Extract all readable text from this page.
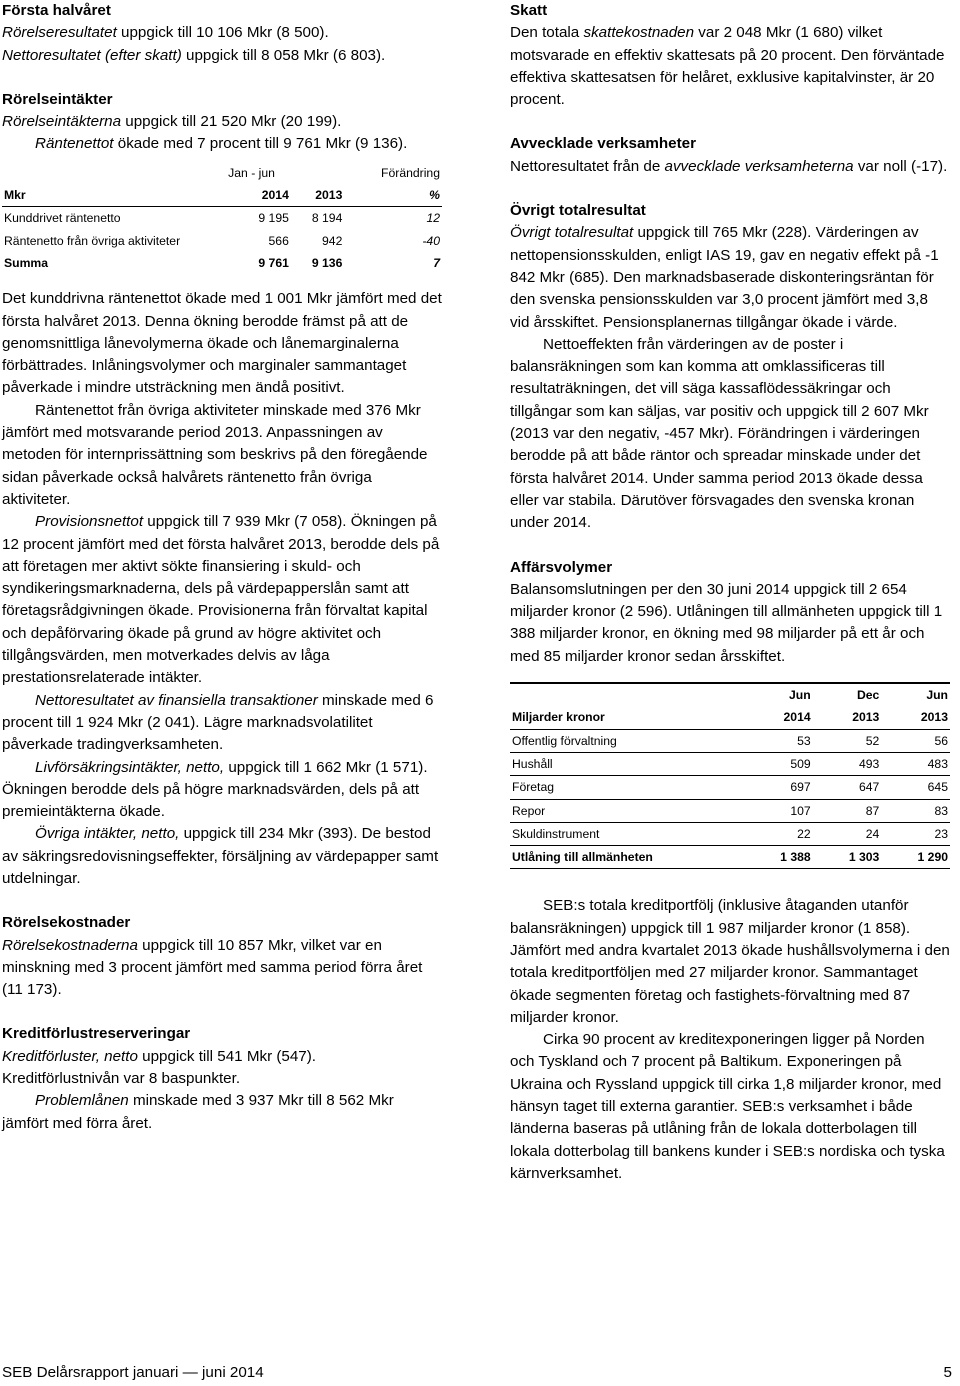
Första halvåret

Rörelseresultatet uppgick till 10 106 Mkr (8 500).

Nettoresultatet (efter skatt) uppgick till 8 058 Mkr (6 803).

Rörelseintäkter

Rörelseintäkterna uppgick till 21 520 Mkr (20 199).

Räntenettot ökade med 7 procent till 9 761 Mkr (9 136).

		Jan - jun		Förändring
Mkr		2014	2013	%
Kunddrivet räntenetto		9 195	8 194	12
Räntenetto från övriga aktiviteter		566	942	-40
Summa		9 761	9 136	7

Det kunddrivna räntenettot ökade med 1 001 Mkr jämfört med det första halvåret 2013. Denna ökning berodde främst på att de genomsnittliga lånevolymerna ökade och lånemarginalerna förbättrades. Inlåningsvolymer och marginaler sammantaget påverkade i mindre utsträckning men ändå positivt.

Räntenettot från övriga aktiviteter minskade med 376 Mkr jämfört med motsvarande period 2013. Anpassningen av metoden för internprissättning som beskrivs på den föregående sidan påverkade också halvårets räntenetto från övriga aktiviteter.

Provisionsnettot uppgick till 7 939 Mkr (7 058). Ökningen på 12 procent jämfört med det första halvåret 2013, berodde dels på att företagen mer aktivt sökte finansiering i skuld- och syndikeringsmarknaderna, dels på värdepapperslån samt att företagsrådgivningen ökade. Provisionerna från förvaltat kapital och depåförvaring ökade på grund av högre aktivitet och tillgångsvärden, men motverkades delvis av låga prestationsrelaterade intäkter.

Nettoresultatet av finansiella transaktioner minskade med 6 procent till 1 924 Mkr (2 041). Lägre marknadsvolatilitet påverkade tradingverksamheten.

Livförsäkringsintäkter, netto, uppgick till 1 662 Mkr (1 571). Ökningen berodde dels på högre marknadsvärden, dels på att premieintäkterna ökade.

Övriga intäkter, netto, uppgick till 234 Mkr (393). De bestod av säkringsredovisningseffekter, försäljning av värdepapper samt utdelningar.

Rörelsekostnader

Rörelsekostnaderna uppgick till 10 857 Mkr, vilket var en minskning med 3 procent jämfört med samma period förra året (11 173).

Kreditförlustreserveringar

Kreditförluster, netto uppgick till 541 Mkr (547).

Kreditförlustnivån var 8 baspunkter.

Problemlånen minskade med 3 937 Mkr till 8 562 Mkr jämfört med förra året.

Skatt

Den totala skattekostnaden var 2 048 Mkr (1 680) vilket motsvarade en effektiv skattesats på 20 procent. Den förväntade effektiva skattesatsen för helåret, exklusive kapitalvinster, är 20 procent.

Avvecklade verksamheter

Nettoresultatet från de avvecklade verksamheterna var noll (-17).

Övrigt totalresultat

Övrigt totalresultat uppgick till 765 Mkr (228). Värderingen av nettopensionsskulden, enligt IAS 19, gav en negativ effekt på -1 842 Mkr (685). Den marknadsbaserade diskonteringsräntan för den svenska pensionsskulden var 3,0 procent jämfört med 3,8 vid årsskiftet. Pensionsplanernas tillgångar ökade i värde.

Nettoeffekten från värderingen av de poster i balansräkningen som kan komma att omklassificeras till resultaträkningen, det vill säga kassaflödessäkringar och tillgångar som kan säljas, var positiv och uppgick till 2 607 Mkr (2013 var den negativ, -457 Mkr). Förändringen i värderingen berodde på att både räntor och spreadar minskade under det första halvåret 2014. Under samma period 2013 ökade dessa eller var stabila. Därutöver försvagades den svenska kronan under 2014.

Affärsvolymer

Balansomslutningen per den 30 juni 2014 uppgick till 2 654 miljarder kronor (2 596). Utlåningen till allmänheten uppgick till 1 388 miljarder kronor, en ökning med 98 miljarder på ett år och med 85 miljarder kronor sedan årsskiftet.

	Jun	Dec	Jun
Miljarder kronor	2014	2013	2013
Offentlig förvaltning	53	52	56
Hushåll	509	493	483
Företag	697	647	645
Repor	107	87	83
Skuldinstrument	22	24	23
Utlåning till allmänheten	1 388	1 303	1 290

SEB:s totala kreditportfölj (inklusive åtaganden utanför balansräkningen) uppgick till 1 987 miljarder kronor (1 858). Jämfört med andra kvartalet 2013 ökade hushållsvolymerna i den totala kreditportföljen med 27 miljarder kronor. Sammantaget ökade segmenten företag och fastighets-förvaltning med 87 miljarder kronor.

Cirka 90 procent av kreditexponeringen ligger på Norden och Tyskland och 7 procent på Baltikum. Exponeringen på Ukraina och Ryssland uppgick till cirka 1,8 miljarder kronor, med hänsyn taget till externa garantier. SEB:s verksamhet i både länderna baseras på utlåning från de lokala dotterbolagen till lokala dotterbolag till bankens kunder i SEB:s nordiska och tyska kärnverksamhet.

SEB Delårsrapport januari — juni 2014	5
